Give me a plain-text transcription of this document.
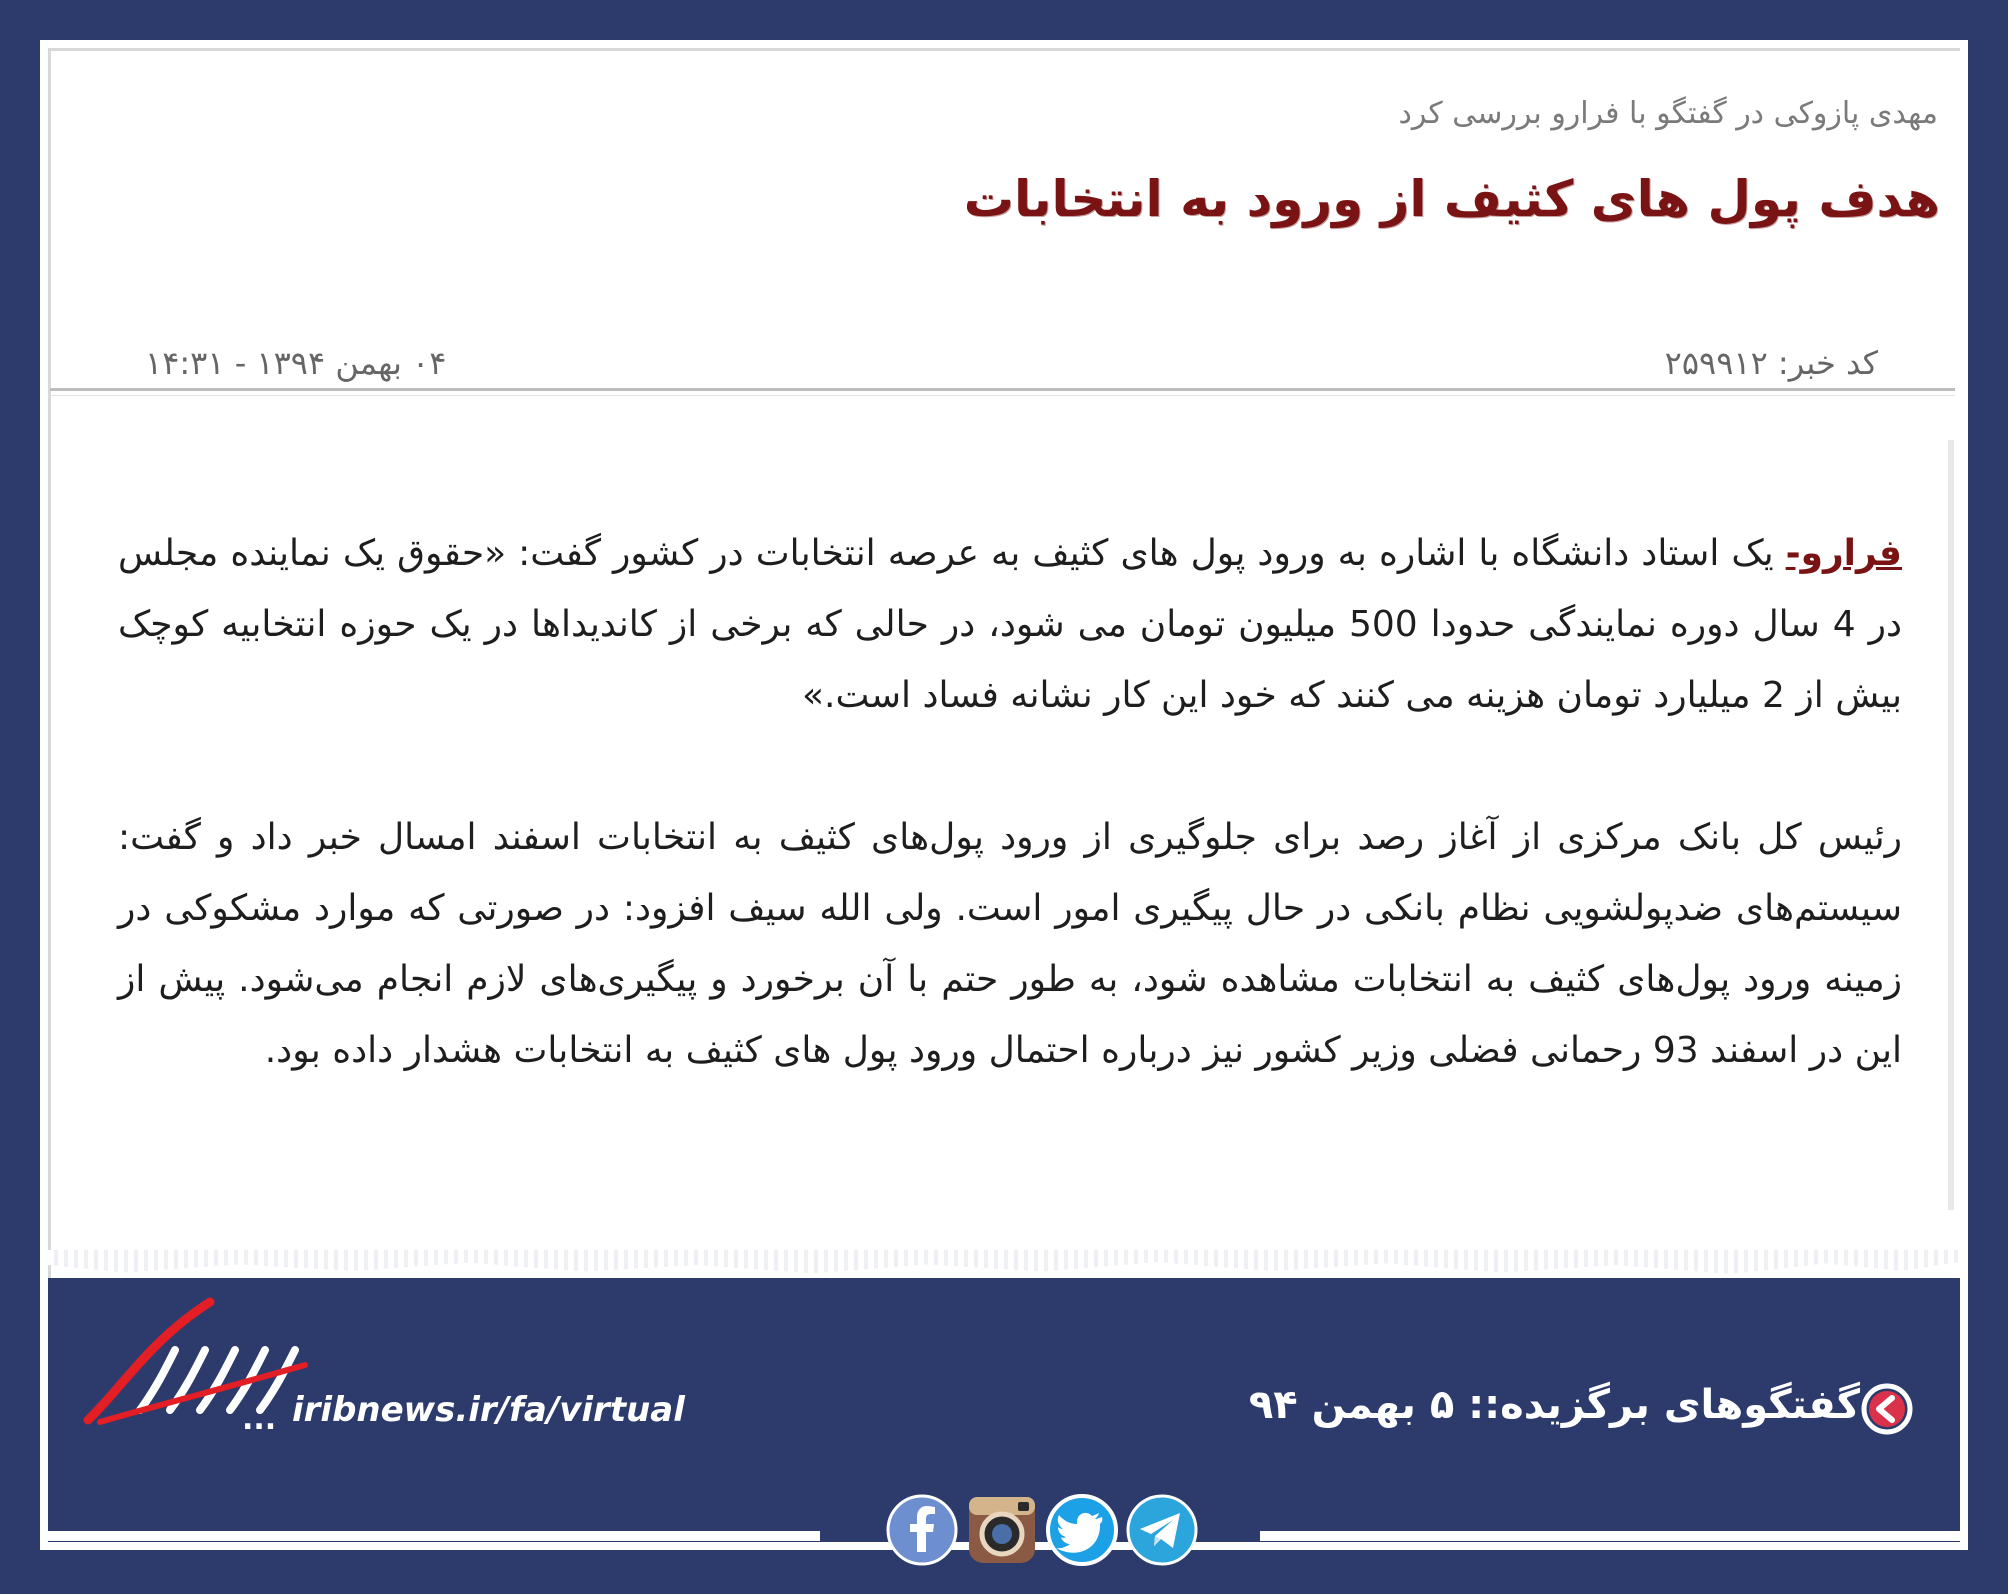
مهدی پازوکی در گفتگو با فرارو بررسی کرد
هدف پول های کثیف از ورود به انتخابات
کد خبر: ۲۵۹۹۱۲
۰۴ بهمن ۱۳۹۴ - ۱۴:۳۱

فرارو- یک استاد دانشگاه با اشاره به ورود پول های کثیف به عرصه انتخابات در کشور گفت: «حقوق یک نماینده مجلس در 4 سال دوره نمایندگی حدودا 500 میلیون تومان می شود، در حالی که برخی از کاندیداها در یک حوزه انتخابیه کوچک بیش از 2 میلیارد تومان هزینه می کنند که خود این کار نشانه فساد است.»

رئیس کل بانک مرکزی از آغاز رصد برای جلوگیری از ورود پول‌های کثیف به انتخابات اسفند امسال خبر داد و گفت: سیستم‌های ضدپولشویی نظام بانکی در حال پیگیری امور است. ولی الله سیف افزود: در صورتی که موارد مشکوکی در زمینه ورود پول‌های کثیف به انتخابات مشاهده شود، به طور حتم با آن برخورد و پیگیری‌های لازم انجام می‌شود. پیش از این در اسفند 93 رحمانی فضلی وزیر کشور نیز درباره احتمال ورود پول های کثیف به انتخابات هشدار داده بود.

... iribnews.ir/fa/virtual	گفتگوهای برگزیده:: ۵ بهمن ۹۴
